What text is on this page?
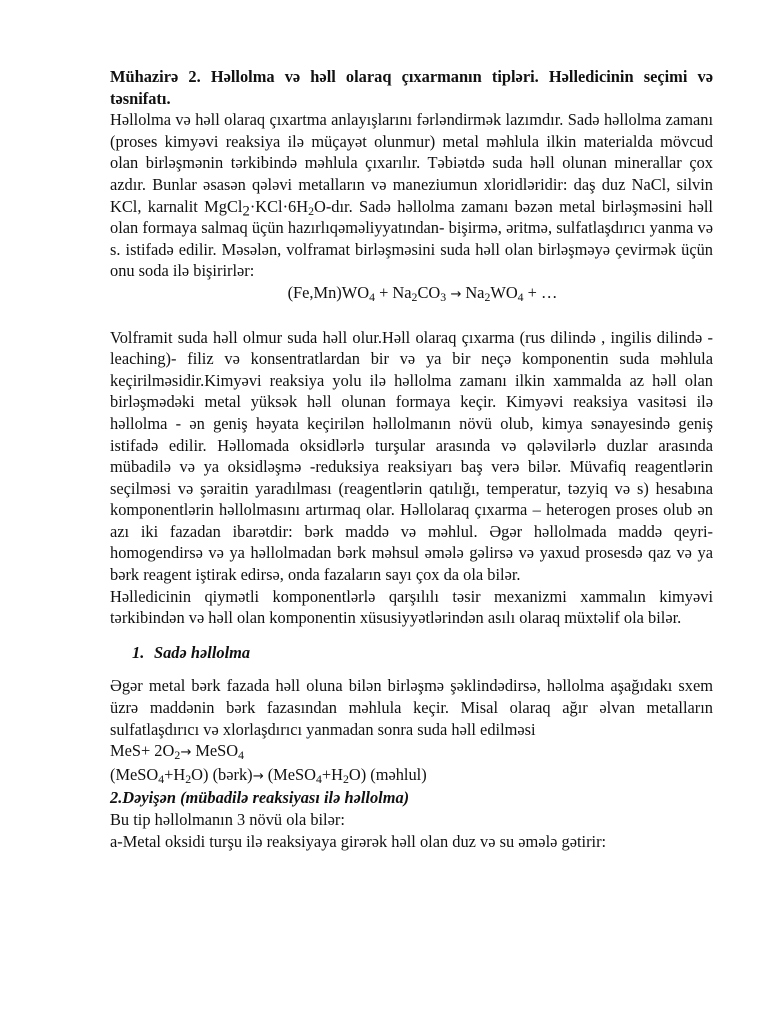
Mühazirə 2. Həllolma və həll olaraq çıxarmanın tipləri. Həlledicinin seçimi və təsnifatı.

Həllolma və həll olaraq çıxartma anlayışlarını fərləndirmək lazımdır. Sadə həllolma zamanı (proses kimyəvi reaksiya ilə müçayət olunmur) metal məhlula ilkin materialda mövcud olan birləşmənin tərkibində məhlula çıxarılır. Təbiətdə suda həll olunan minerallar çox azdır. Bunlar əsasən qələvi metalların və maneziumun xloridləridir: daş duz NaCl, silvin KCl, karnalit $MgCl2\cdot KCl\cdot 6H_2O$-dır. Sadə həllolma zamanı bəzən metal birləşməsini həll olan formaya salmaq üçün hazırlıqəməliyyatından- bişirmə, əritmə, sulfatlaşdırıcı yanma və s. istifadə edilir. Məsələn, volframat birləşməsini suda həll olan birləşməyə çevirmək üçün onu soda ilə bişirirlər:

$(Fe,Mn)WO_4 + Na_2CO_3 \to Na_2WO_4$ + …

Volframit suda həll olmur suda həll olur.Həll olaraq çıxarma (rus dilində , ingilis dilində - leaching)- filiz və konsentratlardan bir və ya bir neçə komponentin suda məhlula keçirilməsidir.Kimyəvi reaksiya yolu ilə həllolma zamanı ilkin xammalda az həll olan birləşmədəki metal yüksək həll olunan formaya keçir. Kimyəvi reaksiya vasitəsi ilə həllolma - ən geniş həyata keçirilən həllolmanın növü olub, kimya sənayesində geniş istifadə edilir. Həllomada oksidlərlə turşular arasında və qələvilərlə duzlar arasında mübadilə və ya oksidləşmə -reduksiya reaksiyarı baş verə bilər. Müvafiq reagentlərin seçilməsi və şəraitin yaradılması (reagentlərin qatılığı, temperatur, təzyiq və s) hesabına komponentlərin həllolmasını artırmaq olar. Həllolaraq çıxarma – heterogen proses olub ən azı iki fazadan ibarətdir: bərk maddə və məhlul. Əgər həllolmada maddə qeyri-homogendirsə və ya həllolmadan bərk məhsul əmələ gəlirsə və yaxud prosesdə qaz və ya bərk reagent iştirak edirsə, onda fazaların sayı çox da ola bilər.

Həlledicinin qiymətli komponentlərlə qarşılılı təsir mexanizmi xammalın kimyəvi tərkibindən və həll olan komponentin xüsusiyyətlərindən asılı olaraq müxtəlif ola bilər.

1. Sadə həllolma

Əgər metal bərk fazada həll oluna bilən birləşmə şəklindədirsə, həllolma aşağıdakı sxem üzrə maddənin bərk fazasından məhlula keçir. Misal olaraq ağır əlvan metalların sulfatlaşdırıcı və xlorlaşdırıcı yanmadan sonra suda həll edilməsi

$MeS+ 2O_2\to$ MeSO$_4$

$(MeSO_4+H_2O)$ (bərk)→ $(MeSO_4+H_2O)$ (məhlul)

2.Dəyişən (mübadilə reaksiyası ilə həllolma)

Bu tip həllolmanın 3 növü ola bilər:

a-Metal oksidi turşu ilə reaksiyaya girərək həll olan duz və su əmələ gətirir:
